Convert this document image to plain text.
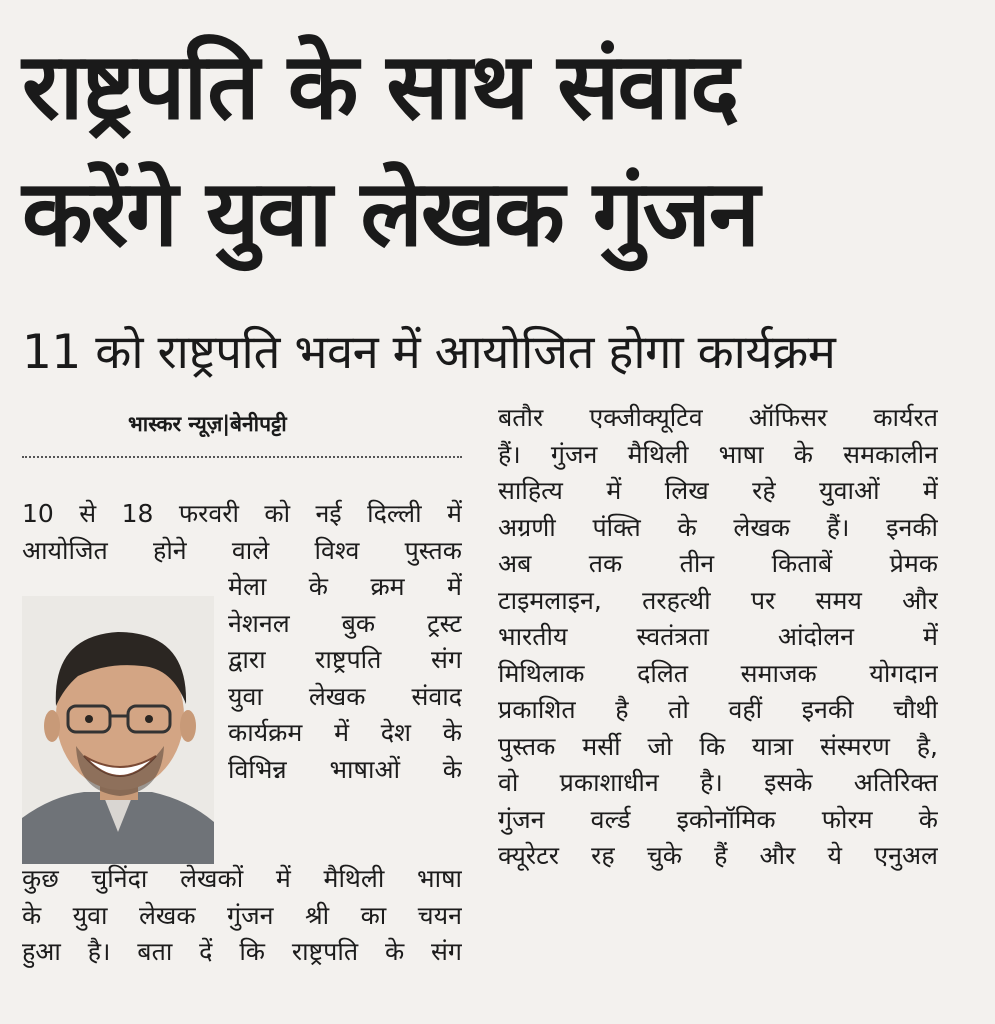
राष्ट्रपति के साथ संवाद
करेंगे युवा लेखक गुंजन
11 को राष्ट्रपति भवन में आयोजित होगा कार्यक्रम
भास्कर न्यूज़|बेनीपट्टी
10 से 18 फरवरी को नई दिल्ली में
आयोजित होने वाले विश्व पुस्तक
मेला के क्रम में
नेशनल बुक ट्रस्ट
द्वारा राष्ट्रपति संग
युवा लेखक संवाद
कार्यक्रम में देश के
विभिन्न भाषाओं के
कुछ चुनिंदा लेखकों में मैथिली भाषा
के युवा लेखक गुंजन श्री का चयन
हुआ है। बता दें कि राष्ट्रपति के संग
बतौर एक्जीक्यूटिव ऑफिसर कार्यरत
हैं। गुंजन मैथिली भाषा के समकालीन
साहित्य में लिख रहे युवाओं में
अग्रणी पंक्ति के लेखक हैं। इनकी
अब तक तीन किताबें प्रेमक
टाइमलाइन, तरहत्थी पर समय और
भारतीय स्वतंत्रता आंदोलन में
मिथिलाक दलित समाजक योगदान
प्रकाशित है तो वहीं इनकी चौथी
पुस्तक मर्सी जो कि यात्रा संस्मरण है,
वो प्रकाशाधीन है। इसके अतिरिक्त
गुंजन वर्ल्ड इकोनॉमिक फोरम के
क्यूरेटर रह चुके हैं और ये एनुअल
